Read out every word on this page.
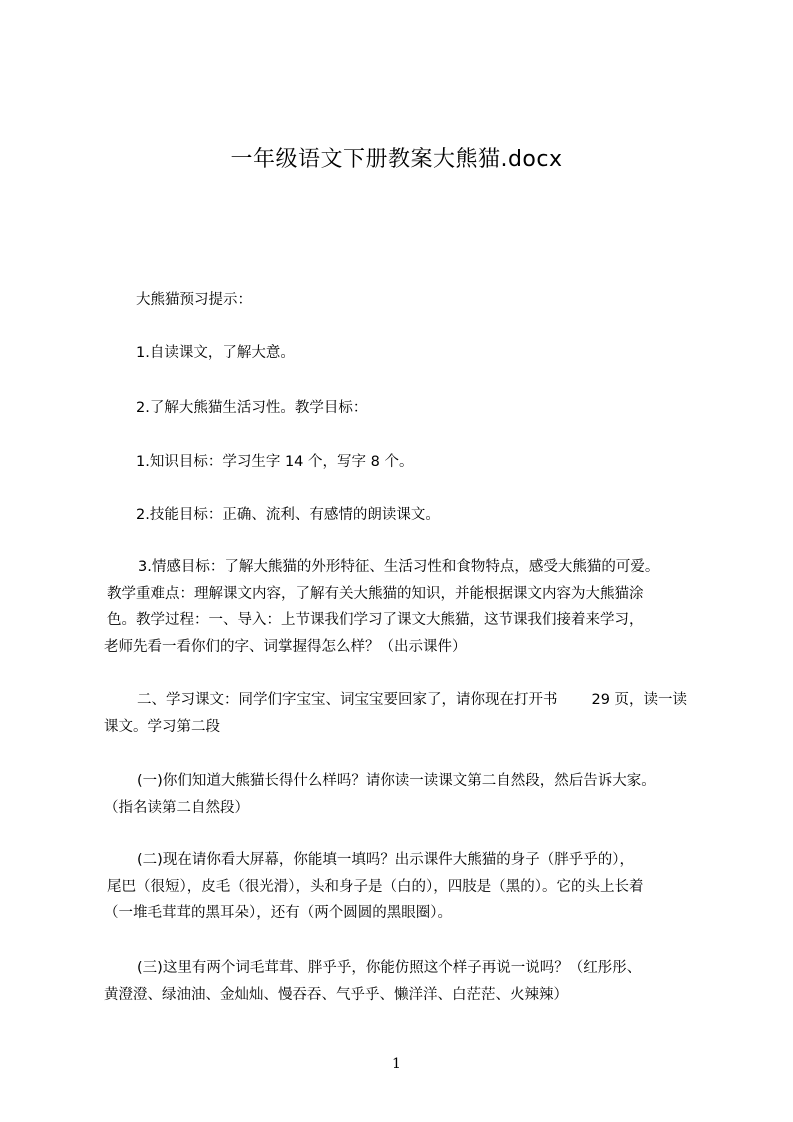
一年级语文下册教案大熊猫.docx
大熊猫预习提示：
1.自读课文，了解大意。
2.了解大熊猫生活习性。教学目标：
1.知识目标：学习生字 14 个，写字 8 个。
2.技能目标：正确、流利、有感情的朗读课文。
3.情感目标：了解大熊猫的外形特征、生活习性和食物特点，感受大熊猫的可爱。
教学重难点：理解课文内容，了解有关大熊猫的知识，并能根据课文内容为大熊猫涂
色。教学过程：一、导入：上节课我们学习了课文大熊猫，这节课我们接着来学习，
老师先看一看你们的字、词掌握得怎么样？（出示课件）
二、学习课文：同学们字宝宝、词宝宝要回家了，请你现在打开书 29 页，读一读
课文。学习第二段
(一)你们知道大熊猫长得什么样吗？请你读一读课文第二自然段，然后告诉大家。
（指名读第二自然段）
(二)现在请你看大屏幕，你能填一填吗？出示课件大熊猫的身子（胖乎乎的），
尾巴（很短），皮毛（很光滑），头和身子是（白的），四肢是（黑的）。它的头上长着
（一堆毛茸茸的黑耳朵），还有（两个圆圆的黑眼圈）。
(三)这里有两个词毛茸茸、胖乎乎，你能仿照这个样子再说一说吗？（红彤彤、
黄澄澄、绿油油、金灿灿、慢吞吞、气乎乎、懒洋洋、白茫茫、火辣辣）
1
